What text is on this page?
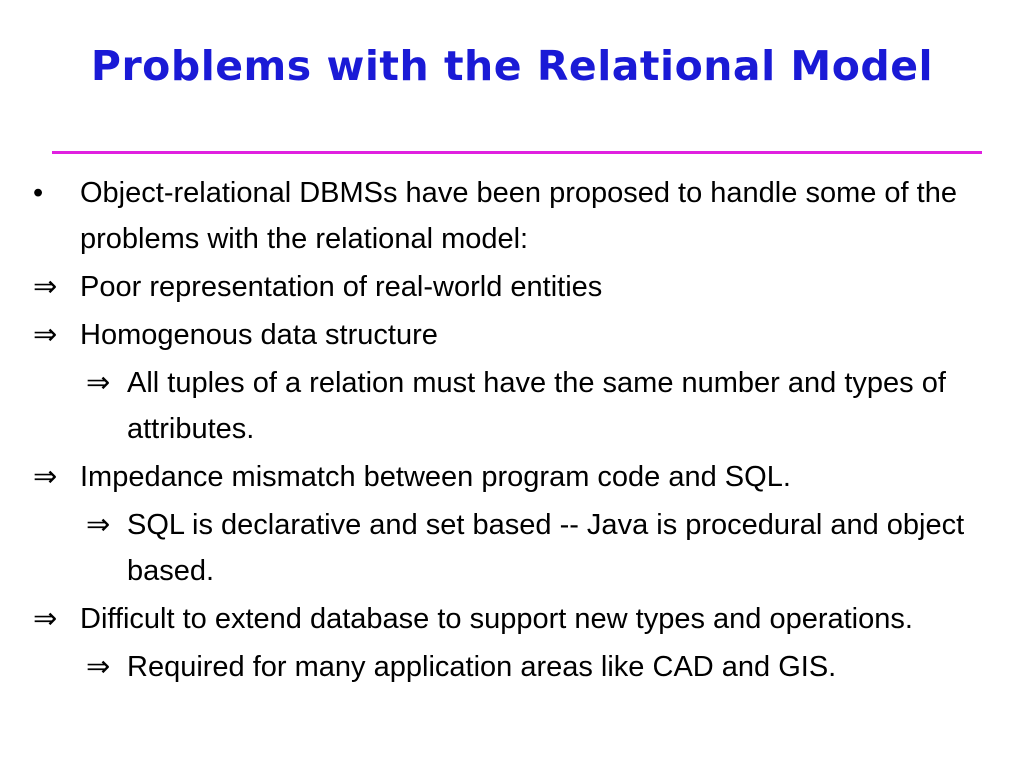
Problems with the Relational Model
•	Object-relational DBMSs have been proposed to handle some of the problems with the relational model:
⇒ Poor representation of real-world entities
⇒ Homogenous data structure
⇒ All tuples of a relation must have the same number and types of attributes.
⇒ Impedance mismatch between program code and SQL.
⇒ SQL is declarative and set based -- Java is procedural and object based.
⇒ Difficult to extend database to support new types and operations.
⇒ Required for many application areas like CAD and GIS.
